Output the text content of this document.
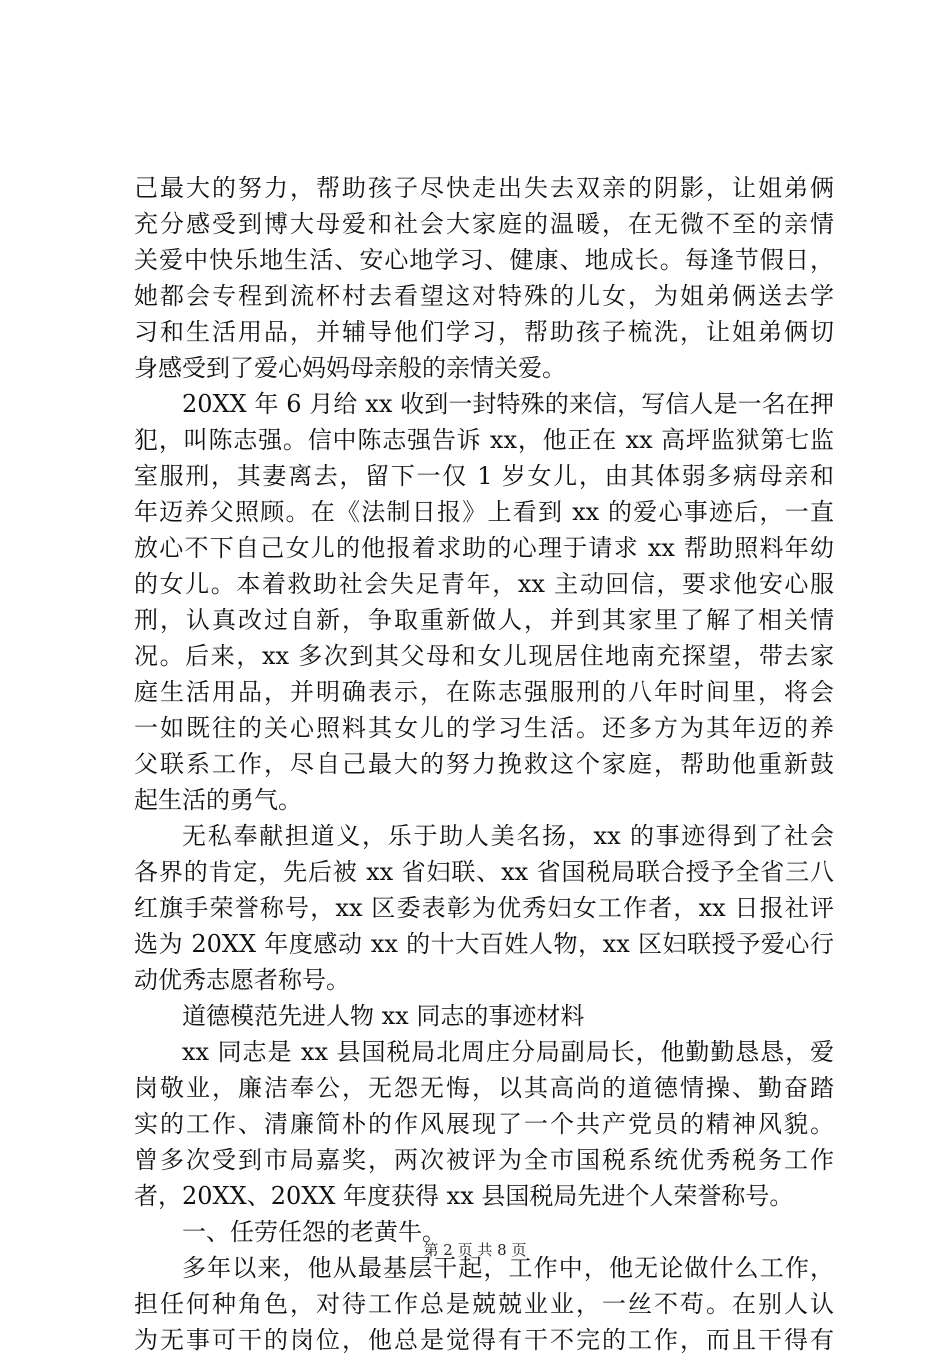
己最大的努力，帮助孩子尽快走出失去双亲的阴影，让姐弟俩
充分感受到博大母爱和社会大家庭的温暖，在无微不至的亲情
关爱中快乐地生活、安心地学习、健康、地成长。每逢节假日，
她都会专程到流杯村去看望这对特殊的儿女，为姐弟俩送去学
习和生活用品，并辅导他们学习，帮助孩子梳洗，让姐弟俩切
身感受到了爱心妈妈母亲般的亲情关爱。
20XX 年 6 月给 xx 收到一封特殊的来信，写信人是一名在押
犯，叫陈志强。信中陈志强告诉 xx，他正在 xx 高坪监狱第七监
室服刑，其妻离去，留下一仅 1 岁女儿，由其体弱多病母亲和
年迈养父照顾。在《法制日报》上看到 xx 的爱心事迹后，一直
放心不下自己女儿的他报着求助的心理于请求 xx 帮助照料年幼
的女儿。本着救助社会失足青年，xx 主动回信，要求他安心服
刑，认真改过自新，争取重新做人，并到其家里了解了相关情
况。后来，xx 多次到其父母和女儿现居住地南充探望，带去家
庭生活用品，并明确表示，在陈志强服刑的八年时间里，将会
一如既往的关心照料其女儿的学习生活。还多方为其年迈的养
父联系工作，尽自己最大的努力挽救这个家庭，帮助他重新鼓
起生活的勇气。
无私奉献担道义，乐于助人美名扬，xx 的事迹得到了社会
各界的肯定，先后被 xx 省妇联、xx 省国税局联合授予全省三八
红旗手荣誉称号，xx 区委表彰为优秀妇女工作者，xx 日报社评
选为 20XX 年度感动 xx 的十大百姓人物，xx 区妇联授予爱心行
动优秀志愿者称号。
道德模范先进人物 xx 同志的事迹材料
xx 同志是 xx 县国税局北周庄分局副局长，他勤勤恳恳，爱
岗敬业，廉洁奉公，无怨无悔，以其高尚的道德情操、勤奋踏
实的工作、清廉简朴的作风展现了一个共产党员的精神风貌。
曾多次受到市局嘉奖，两次被评为全市国税系统优秀税务工作
者，20XX、20XX 年度获得 xx 县国税局先进个人荣誉称号。
一、任劳任怨的老黄牛。
多年以来，他从最基层干起，工作中，他无论做什么工作，
担任何种角色，对待工作总是兢兢业业，一丝不苟。在别人认
为无事可干的岗位，他总是觉得有干不完的工作，而且干得有
第 2 页 共 8 页
